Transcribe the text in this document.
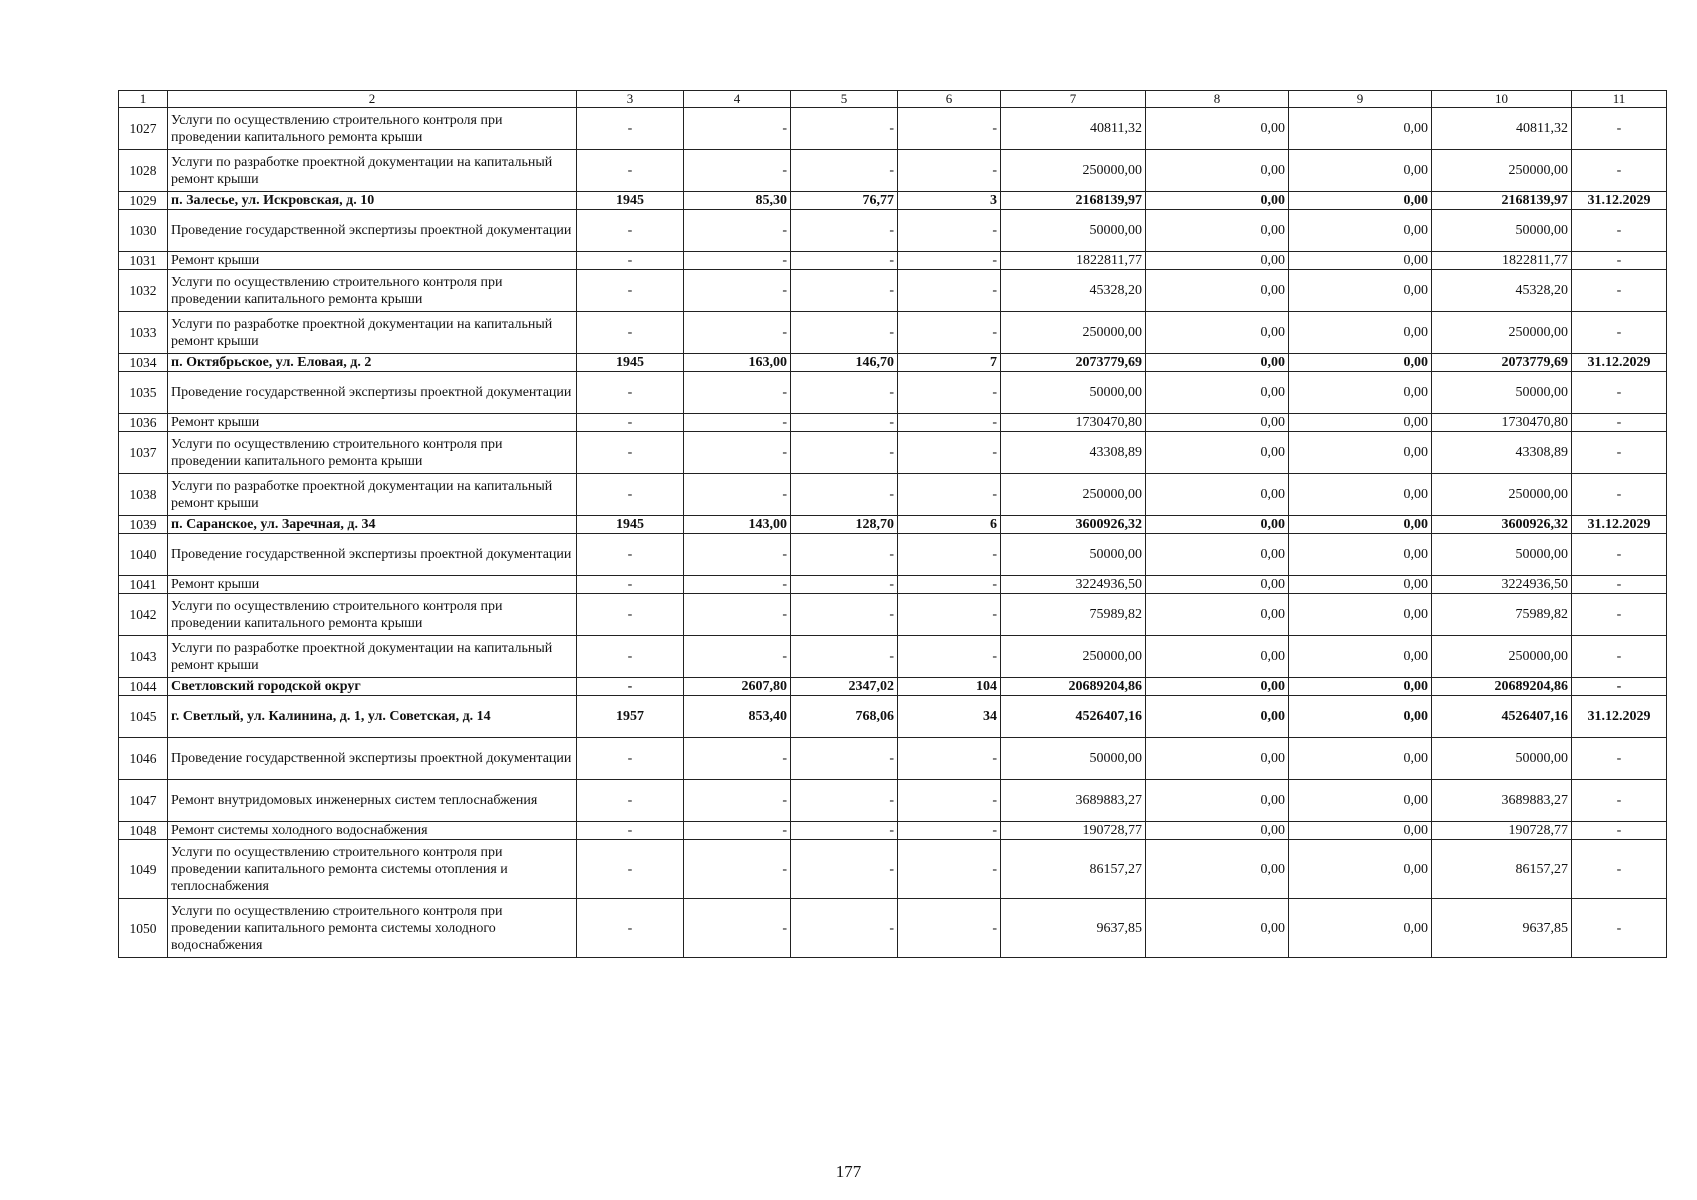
1	2	3	4	5	6	7	8	9	10	11
1027	Услуги по осуществлению строительного контроля при проведении капитального ремонта крыши	-	-	-	-	40811,32	0,00	0,00	40811,32	-
1028	Услуги по разработке проектной документации на капитальный ремонт крыши	-	-	-	-	250000,00	0,00	0,00	250000,00	-
1029	п. Залесье, ул. Искровская, д. 10	1945	85,30	76,77	3	2168139,97	0,00	0,00	2168139,97	31.12.2029
1030	Проведение государственной экспертизы проектной документации	-	-	-	-	50000,00	0,00	0,00	50000,00	-
1031	Ремонт крыши	-	-	-	-	1822811,77	0,00	0,00	1822811,77	-
1032	Услуги по осуществлению строительного контроля при проведении капитального ремонта крыши	-	-	-	-	45328,20	0,00	0,00	45328,20	-
1033	Услуги по разработке проектной документации на капитальный ремонт крыши	-	-	-	-	250000,00	0,00	0,00	250000,00	-
1034	п. Октябрьское, ул. Еловая, д. 2	1945	163,00	146,70	7	2073779,69	0,00	0,00	2073779,69	31.12.2029
1035	Проведение государственной экспертизы проектной документации	-	-	-	-	50000,00	0,00	0,00	50000,00	-
1036	Ремонт крыши	-	-	-	-	1730470,80	0,00	0,00	1730470,80	-
1037	Услуги по осуществлению строительного контроля при проведении капитального ремонта крыши	-	-	-	-	43308,89	0,00	0,00	43308,89	-
1038	Услуги по разработке проектной документации на капитальный ремонт крыши	-	-	-	-	250000,00	0,00	0,00	250000,00	-
1039	п. Саранское, ул. Заречная, д. 34	1945	143,00	128,70	6	3600926,32	0,00	0,00	3600926,32	31.12.2029
1040	Проведение государственной экспертизы проектной документации	-	-	-	-	50000,00	0,00	0,00	50000,00	-
1041	Ремонт крыши	-	-	-	-	3224936,50	0,00	0,00	3224936,50	-
1042	Услуги по осуществлению строительного контроля при проведении капитального ремонта крыши	-	-	-	-	75989,82	0,00	0,00	75989,82	-
1043	Услуги по разработке проектной документации на капитальный ремонт крыши	-	-	-	-	250000,00	0,00	0,00	250000,00	-
1044	Светловский городской округ	-	2607,80	2347,02	104	20689204,86	0,00	0,00	20689204,86	-
1045	г. Светлый, ул. Калинина, д. 1, ул. Советская, д. 14	1957	853,40	768,06	34	4526407,16	0,00	0,00	4526407,16	31.12.2029
1046	Проведение государственной экспертизы проектной документации	-	-	-	-	50000,00	0,00	0,00	50000,00	-
1047	Ремонт внутридомовых инженерных систем теплоснабжения	-	-	-	-	3689883,27	0,00	0,00	3689883,27	-
1048	Ремонт системы холодного водоснабжения	-	-	-	-	190728,77	0,00	0,00	190728,77	-
1049	Услуги по осуществлению строительного контроля при проведении капитального ремонта системы отопления и теплоснабжения	-	-	-	-	86157,27	0,00	0,00	86157,27	-
1050	Услуги по осуществлению строительного контроля при проведении капитального ремонта системы холодного водоснабжения	-	-	-	-	9637,85	0,00	0,00	9637,85	-
177
